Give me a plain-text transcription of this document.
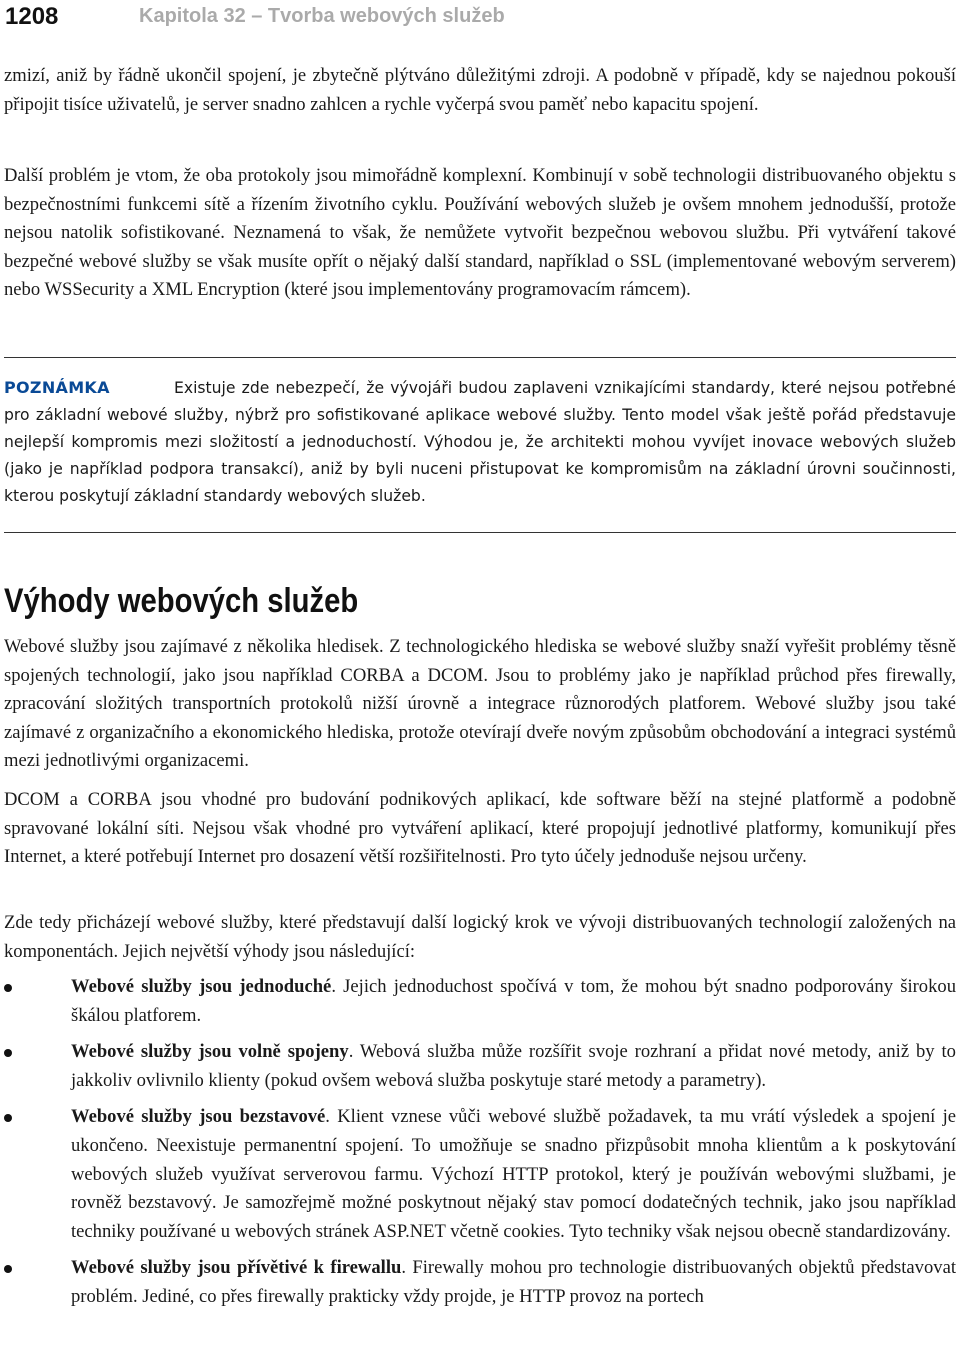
1208	Kapitola 32 – Tvorba webových služeb

zmizí, aniž by řádně ukončil spojení, je zbytečně plýtváno důležitými zdroji. A podobně v případě, kdy se najednou pokouší připojit tisíce uživatelů, je server snadno zahlcen a rychle vyčerpá svou paměť nebo kapacitu spojení.

Další problém je vtom, že oba protokoly jsou mimořádně komplexní. Kombinují v sobě technologii distribuovaného objektu s bezpečnostními funkcemi sítě a řízením životního cyklu. Používání webových služeb je ovšem mnohem jednodušší, protože nejsou natolik sofistikované. Neznamená to však, že nemůžete vytvořit bezpečnou webovou službu. Při vytváření takové bezpečné webové služby se však musíte opřít o nějaký další standard, například o SSL (implementované webovým serverem) nebo WSSecurity a XML Encryption (které jsou implementovány programovacím rámcem).

POZNÁMKA	Existuje zde nebezpečí, že vývojáři budou zaplaveni vznikajícími standardy, které nejsou potřebné pro základní webové služby, nýbrž pro sofistikované aplikace webové služby. Tento model však ještě pořád představuje nejlepší kompromis mezi složitostí a jednoduchostí. Výhodou je, že architekti mohou vyvíjet inovace webových služeb (jako je například podpora transakcí), aniž by byli nuceni přistupovat ke kompromisům na základní úrovni součinnosti, kterou poskytují základní standardy webových služeb.

Výhody webových služeb

Webové služby jsou zajímavé z několika hledisek. Z technologického hlediska se webové služby snaží vyřešit problémy těsně spojených technologií, jako jsou například CORBA a DCOM. Jsou to problémy jako je například průchod přes firewally, zpracování složitých transportních protokolů nižší úrovně a integrace různorodých platforem. Webové služby jsou také zajímavé z organizačního a ekonomického hlediska, protože otevírají dveře novým způsobům obchodování a integraci systémů mezi jednotlivými organizacemi.

DCOM a CORBA jsou vhodné pro budování podnikových aplikací, kde software běží na stejné platformě a podobně spravované lokální síti. Nejsou však vhodné pro vytváření aplikací, které propojují jednotlivé platformy, komunikují přes Internet, a které potřebují Internet pro dosazení větší rozšiřitelnosti. Pro tyto účely jednoduše nejsou určeny.

Zde tedy přicházejí webové služby, které představují další logický krok ve vývoji distribuovaných technologií založených na komponentách. Jejich největší výhody jsou následující:

Webové služby jsou jednoduché. Jejich jednoduchost spočívá v tom, že mohou být snadno podporovány širokou škálou platforem.
Webové služby jsou volně spojeny. Webová služba může rozšířit svoje rozhraní a přidat nové metody, aniž by to jakkoliv ovlivnilo klienty (pokud ovšem webová služba poskytuje staré metody a parametry).
Webové služby jsou bezstavové. Klient vznese vůči webové službě požadavek, ta mu vrátí výsledek a spojení je ukončeno. Neexistuje permanentní spojení. To umožňuje se snadno přizpůsobit mnoha klientům a k poskytování webových služeb využívat serverovou farmu. Výchozí HTTP protokol, který je používán webovými službami, je rovněž bezstavový. Je samozřejmě možné poskytnout nějaký stav pomocí dodatečných technik, jako jsou například techniky používané u webových stránek ASP.NET včetně cookies. Tyto techniky však nejsou obecně standardizovány.
Webové služby jsou přívětivé k firewallu. Firewally mohou pro technologie distribuovaných objektů představovat problém. Jediné, co přes firewally prakticky vždy projde, je HTTP provoz na portech
